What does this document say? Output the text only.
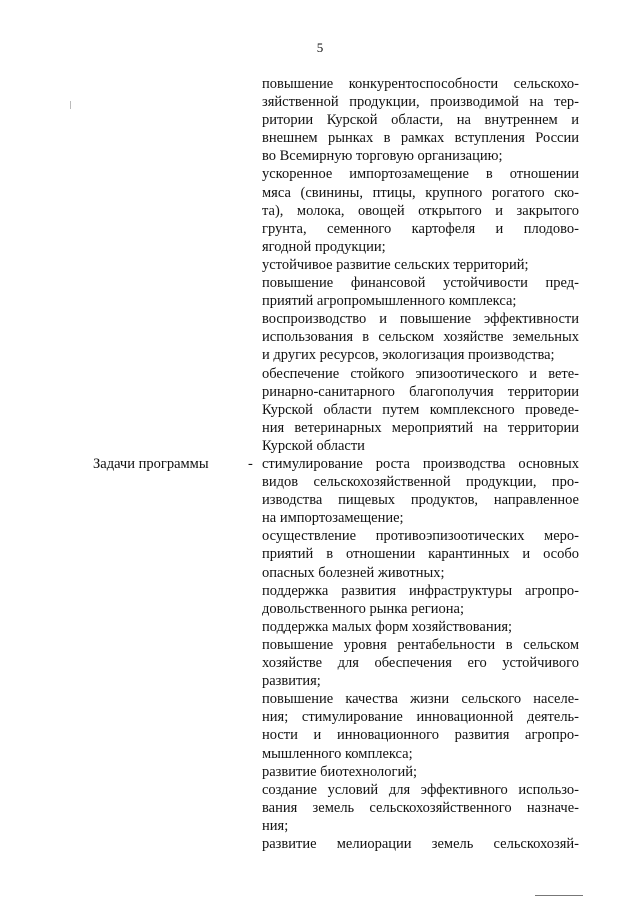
5
повышение конкурентоспособности сельскохо-
зяйственной продукции, производимой на тер-
ритории Курской области, на внутреннем и
внешнем рынках в рамках вступления России
во Всемирную торговую организацию;
ускоренное импортозамещение в отношении
мяса (свинины, птицы, крупного рогатого ско-
та), молока, овощей открытого и закрытого
грунта, семенного картофеля и плодово-
ягодной продукции;
устойчивое развитие сельских территорий;
повышение финансовой устойчивости пред-
приятий агропромышленного комплекса;
воспроизводство и повышение эффективности
использования в сельском хозяйстве земельных
и других ресурсов, экологизация производства;
обеспечение стойкого эпизоотического и вете-
ринарно-санитарного благополучия территории
Курской области путем комплексного проведе-
ния ветеринарных мероприятий на территории
Курской области
Задачи программы	- стимулирование роста производства основных
видов сельскохозяйственной продукции, про-
изводства пищевых продуктов, направленное
на импортозамещение;
осуществление противоэпизоотических меро-
приятий в отношении карантинных и особо
опасных болезней животных;
поддержка развития инфраструктуры агропро-
довольственного рынка региона;
поддержка малых форм хозяйствования;
повышение уровня рентабельности в сельском
хозяйстве для обеспечения его устойчивого
развития;
повышение качества жизни сельского населе-
ния; стимулирование инновационной деятель-
ности и инновационного развития агропро-
мышленного комплекса;
развитие биотехнологий;
создание условий для эффективного использо-
вания земель сельскохозяйственного назначе-
ния;
развитие мелиорации земель сельскохозяй-
